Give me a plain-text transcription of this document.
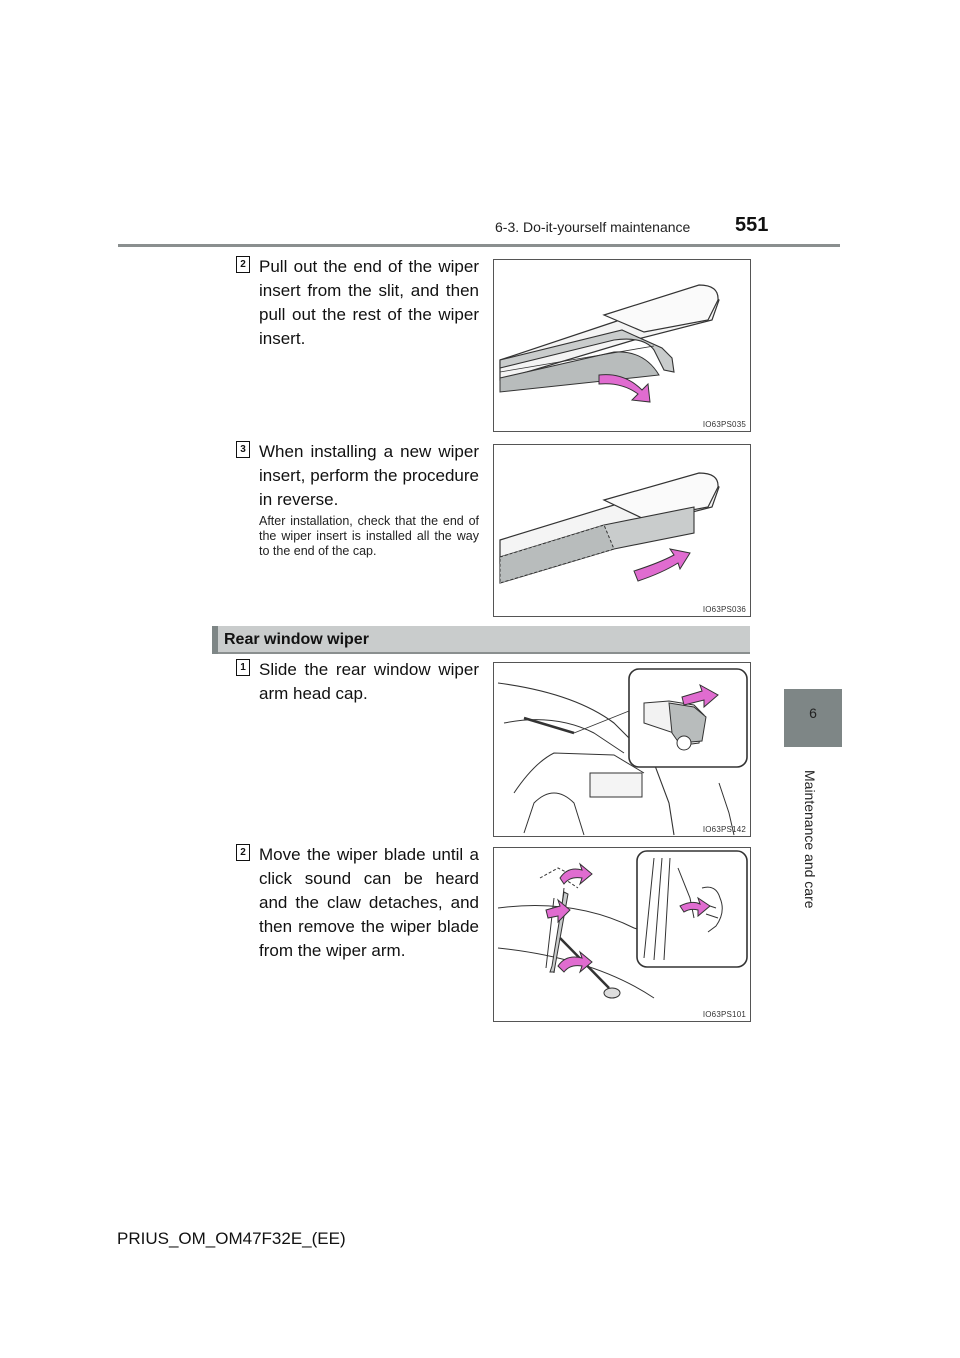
6-3. Do-it-yourself maintenance 551
6
Maintenance and care
2 Pull out the end of the wiper insert from the slit, and then pull out the rest of the wiper insert.
IO63PS035
3 When installing a new wiper insert, perform the procedure in reverse.
After installation, check that the end of the wiper insert is installed all the way to the end of the cap.
IO63PS036
Rear window wiper
1 Slide the rear window wiper arm head cap.
IO63PS142
2 Move the wiper blade until a click sound can be heard and the claw detaches, and then remove the wiper blade from the wiper arm.
IO63PS101
PRIUS_OM_OM47F32E_(EE)
